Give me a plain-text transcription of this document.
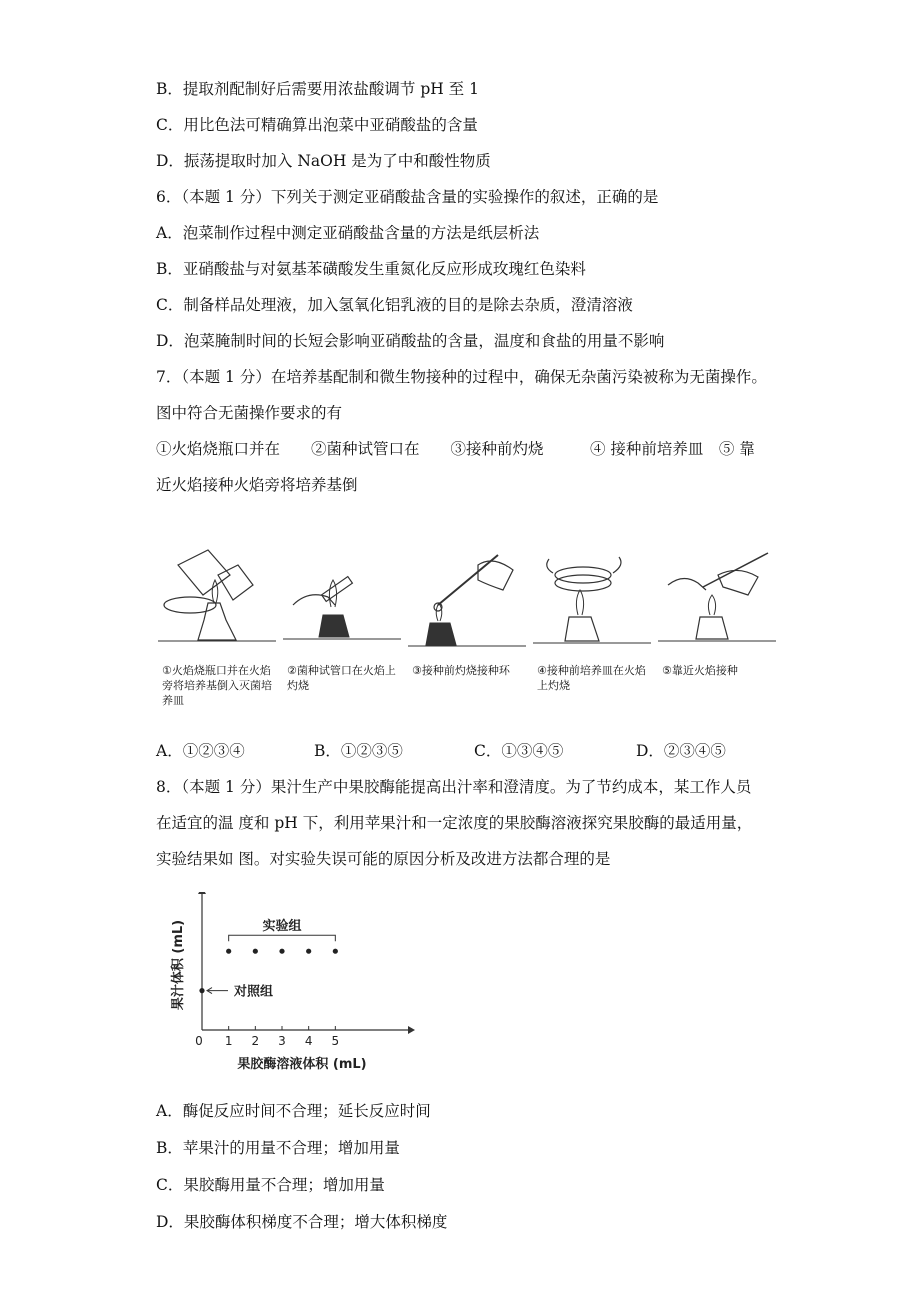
B．提取剂配制好后需要用浓盐酸调节 pH 至 1
C．用比色法可精确算出泡菜中亚硝酸盐的含量
D．振荡提取时加入 NaOH 是为了中和酸性物质
6．（本题 1 分）下列关于测定亚硝酸盐含量的实验操作的叙述，正确的是
A．泡菜制作过程中测定亚硝酸盐含量的方法是纸层析法
B．亚硝酸盐与对氨基苯磺酸发生重氮化反应形成玫瑰红色染料
C．制备样品处理液，加入氢氧化铝乳液的目的是除去杂质，澄清溶液
D．泡菜腌制时间的长短会影响亚硝酸盐的含量，温度和食盐的用量不影响
7．（本题 1 分）在培养基配制和微生物接种的过程中，确保无杂菌污染被称为无菌操作。
图中符合无菌操作要求的有
①火焰烧瓶口并在　　②菌种试管口在　　③接种前灼烧　　　④ 接种前培养皿　⑤ 靠
近火焰接种火焰旁将培养基倒
①火焰烧瓶口并在火焰旁将培养基倒入灭菌培养皿
②菌种试管口在火焰上灼烧
③接种前灼烧接种环	④接种前培养皿在火焰上灼烧
⑤靠近火焰接种
A．①②③④	B．①②③⑤	C．①③④⑤	D．②③④⑤
8．（本题 1 分）果汁生产中果胶酶能提高出汁率和澄清度。为了节约成本，某工作人员
在适宜的温 度和 pH 下，利用苹果汁和一定浓度的果胶酶溶液探究果胶酶的最适用量，
实验结果如 图。对实验失误可能的原因分析及改进方法都合理的是
0 1 2 3 4 5
实验组
对照组
果胶酶溶液体积 (mL)
果汁体积 (mL)
A．酶促反应时间不合理；延长反应时间
B．苹果汁的用量不合理；增加用量
C．果胶酶用量不合理；增加用量
D．果胶酶体积梯度不合理；增大体积梯度
